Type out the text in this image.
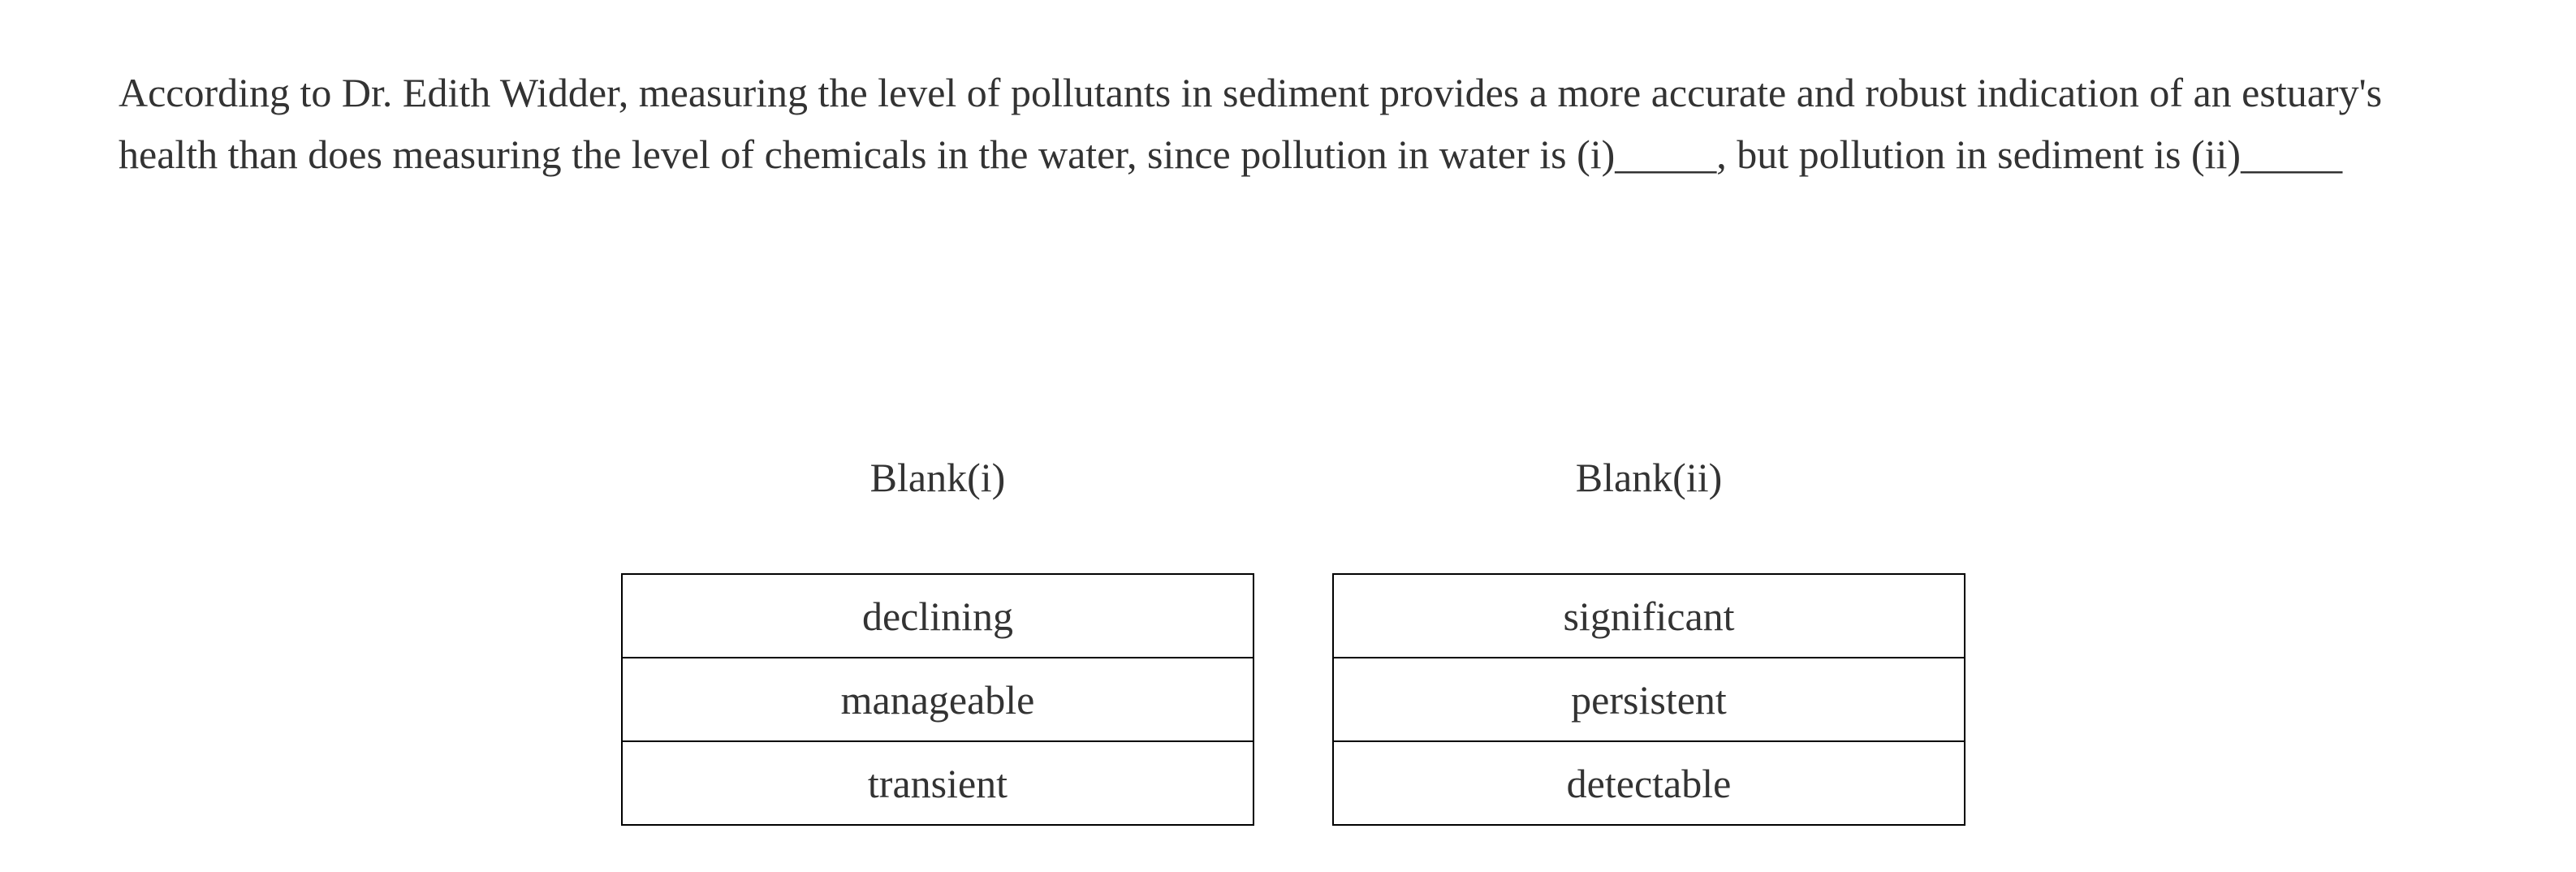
According to Dr. Edith Widder, measuring the level of pollutants in sediment provides a more accurate and robust indication of an estuary's health than does measuring the level of chemicals in the water, since pollution in water is (i)_____, but pollution in sediment is (ii)_____

Blank(i)
declining
manageable
transient
Blank(ii)
significant
persistent
detectable
